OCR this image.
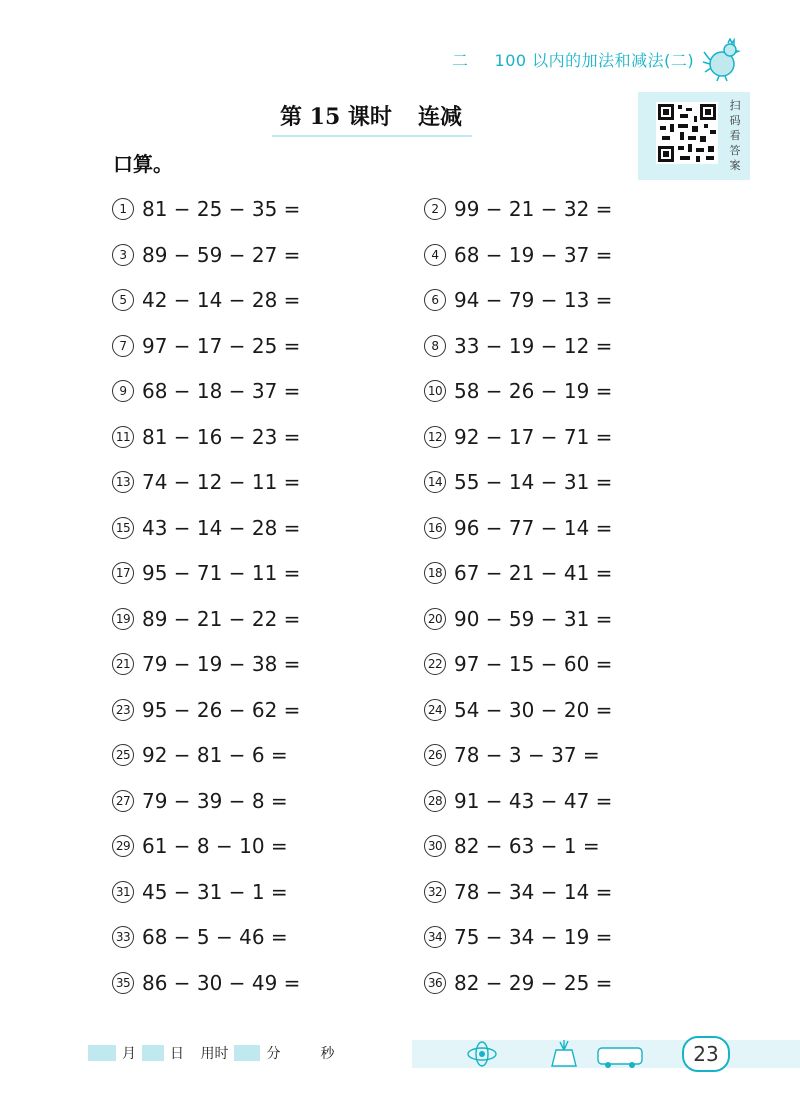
二 100 以内的加法和减法(二)
第 15 课时 连减	扫
码
看
答
案
口算。
1 81 − 25 − 35 =	2 99 − 21 − 32 =
3 89 − 59 − 27 =	4 68 − 19 − 37 =
5 42 − 14 − 28 =	6 94 − 79 − 13 =
7 97 − 17 − 25 =	8 33 − 19 − 12 =
9 68 − 18 − 37 =	10 58 − 26 − 19 =
11 81 − 16 − 23 =	12 92 − 17 − 71 =
13 74 − 12 − 11 =	14 55 − 14 − 31 =
15 43 − 14 − 28 =	16 96 − 77 − 14 =
17 95 − 71 − 11 =	18 67 − 21 − 41 =
19 89 − 21 − 22 =	20 90 − 59 − 31 =
21 79 − 19 − 38 =	22 97 − 15 − 60 =
23 95 − 26 − 62 =	24 54 − 30 − 20 =
25 92 − 81 − 6 =	26 78 − 3 − 37 =
27 79 − 39 − 8 =	28 91 − 43 − 47 =
29 61 − 8 − 10 =	30 82 − 63 − 1 =
31 45 − 31 − 1 =	32 78 − 34 − 14 =
33 68 − 5 − 46 =	34 75 − 34 − 19 =
35 86 − 30 − 49 =	36 82 − 29 − 25 =
月 日 用时	分	秒	23
